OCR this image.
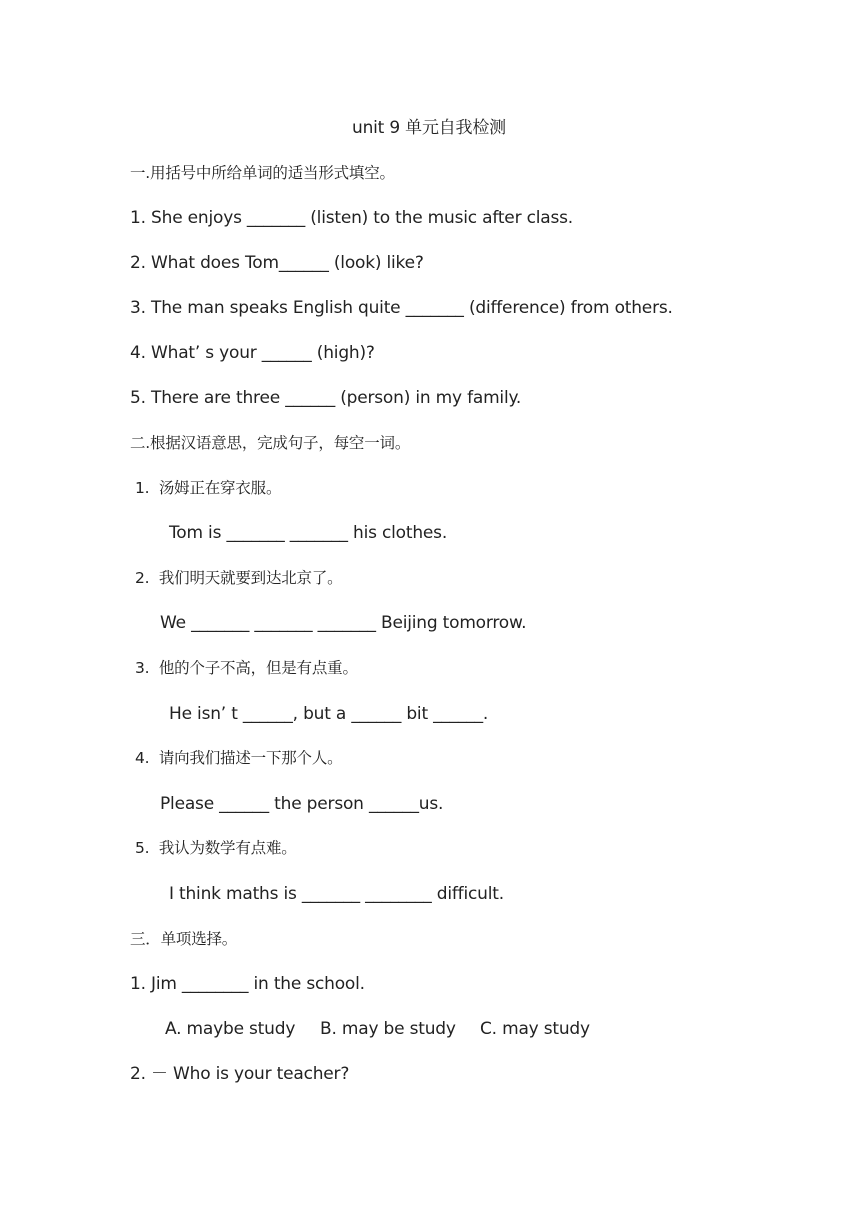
unit 9 单元自我检测
一.用括号中所给单词的适当形式填空。
1. She enjoys _______ (listen) to the music after class.
2. What does Tom______ (look) like?
3. The man speaks English quite _______ (difference) from others.
4. What’ s your ______ (high)?
5. There are three ______ (person) in my family.
二.根据汉语意思，完成句子，每空一词。
1.  汤姆正在穿衣服。
Tom is _______ _______ his clothes.
2.  我们明天就要到达北京了。
We _______ _______ _______ Beijing tomorrow.
3.  他的个子不高，但是有点重。
He isn’ t ______, but a ______ bit ______.
4.  请向我们描述一下那个人。
Please ______ the person ______us.
5.  我认为数学有点难。
I think maths is _______ ________ difficult.
三．单项选择。
1. Jim ________ in the school.
A. maybe study B. may be study C. may study
2. － Who is your teacher?
